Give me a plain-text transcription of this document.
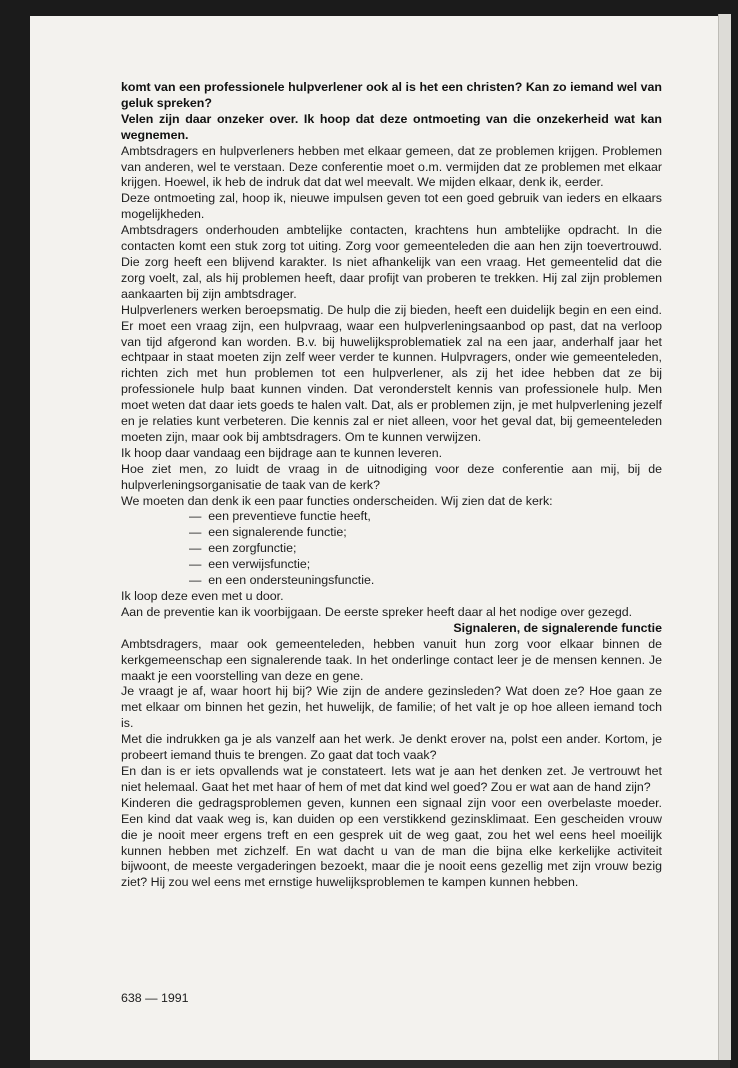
komt van een professionele hulpverlener ook al is het een christen? Kan zo iemand wel van geluk spreken?

Velen zijn daar onzeker over. Ik hoop dat deze ontmoeting van die onzekerheid wat kan wegnemen.

Ambtsdragers en hulpverleners hebben met elkaar gemeen, dat ze problemen krijgen. Problemen van anderen, wel te verstaan. Deze conferentie moet o.m. vermijden dat ze problemen met elkaar krijgen. Hoewel, ik heb de indruk dat dat wel meevalt. We mijden elkaar, denk ik, eerder.

Deze ontmoeting zal, hoop ik, nieuwe impulsen geven tot een goed gebruik van ieders en elkaars mogelijkheden.

Ambtsdragers onderhouden ambtelijke contacten, krachtens hun ambtelijke opdracht. In die contacten komt een stuk zorg tot uiting. Zorg voor gemeenteleden die aan hen zijn toevertrouwd. Die zorg heeft een blijvend karakter. Is niet afhankelijk van een vraag. Het gemeentelid dat die zorg voelt, zal, als hij problemen heeft, daar profijt van proberen te trekken. Hij zal zijn problemen aankaarten bij zijn ambtsdrager.

Hulpverleners werken beroepsmatig. De hulp die zij bieden, heeft een duidelijk begin en een eind. Er moet een vraag zijn, een hulpvraag, waar een hulpverleningsaanbod op past, dat na verloop van tijd afgerond kan worden. B.v. bij huwelijksproblematiek zal na een jaar, anderhalf jaar het echtpaar in staat moeten zijn zelf weer verder te kunnen. Hulpvragers, onder wie gemeenteleden, richten zich met hun problemen tot een hulpverlener, als zij het idee hebben dat ze bij professionele hulp baat kunnen vinden. Dat veronderstelt kennis van professionele hulp. Men moet weten dat daar iets goeds te halen valt. Dat, als er problemen zijn, je met hulpverlening jezelf en je relaties kunt verbeteren. Die kennis zal er niet alleen, voor het geval dat, bij gemeenteleden moeten zijn, maar ook bij ambtsdragers. Om te kunnen verwijzen.

Ik hoop daar vandaag een bijdrage aan te kunnen leveren.

Hoe ziet men, zo luidt de vraag in de uitnodiging voor deze conferentie aan mij, bij de hulpverleningsorganisatie de taak van de kerk?

We moeten dan denk ik een paar functies onderscheiden. Wij zien dat de kerk:

—  een preventieve functie heeft,
—  een signalerende functie;
—  een zorgfunctie;
—  een verwijsfunctie;
—  en een ondersteuningsfunctie.

Ik loop deze even met u door.

Aan de preventie kan ik voorbijgaan. De eerste spreker heeft daar al het nodige over gezegd.

Signaleren, de signalerende functie

Ambtsdragers, maar ook gemeenteleden, hebben vanuit hun zorg voor elkaar binnen de kerkgemeenschap een signalerende taak. In het onderlinge contact leer je de mensen kennen. Je maakt je een voorstelling van deze en gene.

Je vraagt je af, waar hoort hij bij? Wie zijn de andere gezinsleden? Wat doen ze? Hoe gaan ze met elkaar om binnen het gezin, het huwelijk, de familie; of het valt je op hoe alleen iemand toch is.

Met die indrukken ga je als vanzelf aan het werk. Je denkt erover na, polst een ander. Kortom, je probeert iemand thuis te brengen. Zo gaat dat toch vaak?

En dan is er iets opvallends wat je constateert. Iets wat je aan het denken zet. Je vertrouwt het niet helemaal. Gaat het met haar of hem of met dat kind wel goed? Zou er wat aan de hand zijn?

Kinderen die gedragsproblemen geven, kunnen een signaal zijn voor een overbelaste moeder. Een kind dat vaak weg is, kan duiden op een verstikkend gezinsklimaat. Een gescheiden vrouw die je nooit meer ergens treft en een gesprek uit de weg gaat, zou het wel eens heel moeilijk kunnen hebben met zichzelf. En wat dacht u van de man die bijna elke kerkelijke activiteit bijwoont, de meeste vergaderingen bezoekt, maar die je nooit eens gezellig met zijn vrouw bezig ziet? Hij zou wel eens met ernstige huwelijksproblemen te kampen kunnen hebben.

638 — 1991
